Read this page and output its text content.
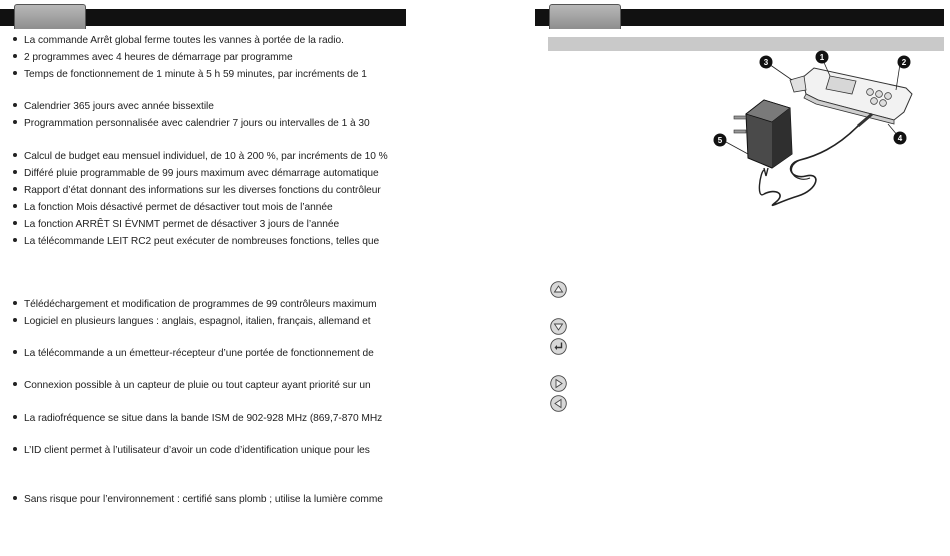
La commande Arrêt global ferme toutes les vannes à portée de la radio.
2 programmes avec 4 heures de démarrage par programme
Temps de fonctionnement de 1 minute à 5 h 59 minutes, par incréments de 1
Calendrier 365 jours avec année bissextile
Programmation personnalisée avec calendrier 7 jours ou intervalles de 1 à 30
Calcul de budget eau mensuel individuel, de 10 à 200 %, par incréments de 10 %
Différé pluie programmable de 99 jours maximum avec démarrage automatique
Rapport d’état donnant des informations sur les diverses fonctions du contrôleur
La fonction Mois désactivé permet de désactiver tout mois de l’année
La fonction ARRÊT SI ÉVNMT permet de désactiver 3 jours de l’année
La télécommande LEIT RC2 peut exécuter de nombreuses fonctions, telles que
Télédéchargement et modification de programmes de 99 contrôleurs maximum
Logiciel en plusieurs langues : anglais, espagnol, italien, français, allemand et
La télécommande a un émetteur-récepteur d’une portée de fonctionnement de
Connexion possible à un capteur de pluie ou tout capteur ayant priorité sur un
La radiofréquence se situe dans la bande ISM de 902-928 MHz (869,7-870 MHz
L’ID client permet à l’utilisateur d’avoir un code d’identification unique pour les
Sans risque pour l’environnement : certifié sans plomb ; utilise la lumière comme
3
1
2
4
5
